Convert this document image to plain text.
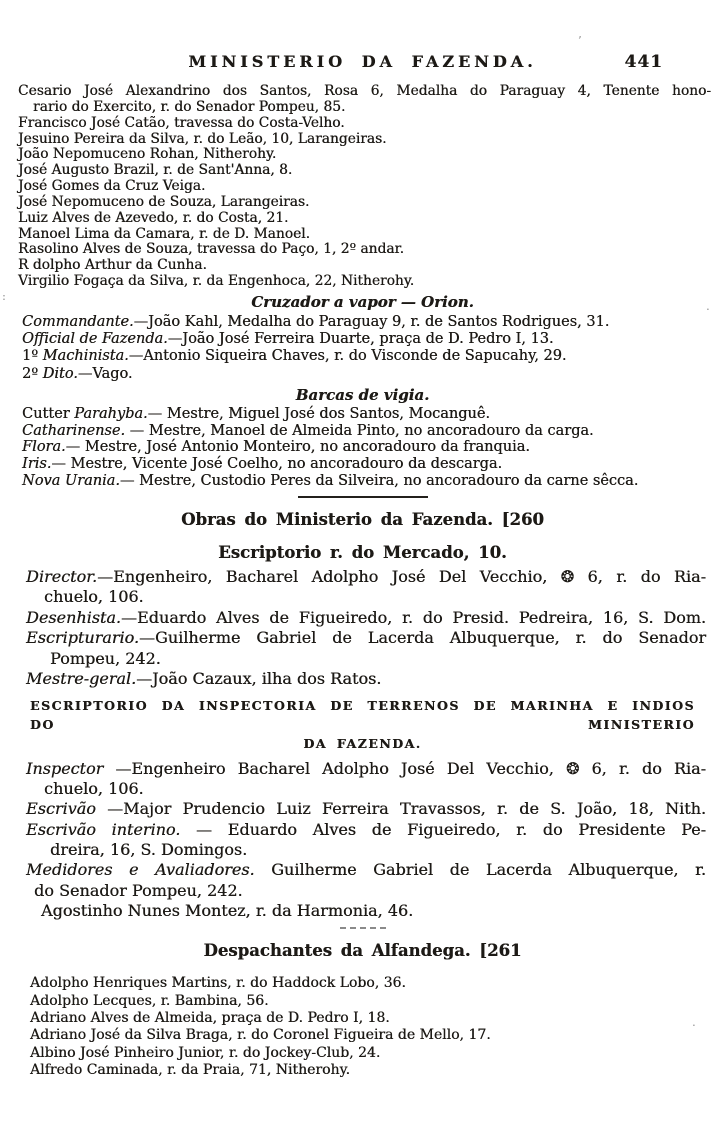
MINISTERIO DA FAZENDA.	441
Cesario José Alexandrino dos Santos, Rosa 6, Medalha do Paraguay 4, Tenente hono-
rario do Exercito, r. do Senador Pompeu, 85.
Francisco José Catão, travessa do Costa-Velho.
Jesuino Pereira da Silva, r. do Leão, 10, Larangeiras.
João Nepomuceno Rohan, Nitherohy.
José Augusto Brazil, r. de Sant'Anna, 8.
José Gomes da Cruz Veiga.
José Nepomuceno de Souza, Larangeiras.
Luiz Alves de Azevedo, r. do Costa, 21.
Manoel Lima da Camara, r. de D. Manoel.
Rasolino Alves de Souza, travessa do Paço, 1, 2º andar.
R dolpho Arthur da Cunha.
Virgilio Fogaça da Silva, r. da Engenhoca, 22, Nitherohy.
Cruzador a vapor — Orion.
Commandante.—João Kahl, Medalha do Paraguay 9, r. de Santos Rodrigues, 31.
Official de Fazenda.—João José Ferreira Duarte, praça de D. Pedro I, 13.
1º Machinista.—Antonio Siqueira Chaves, r. do Visconde de Sapucahy, 29.
2º Dito.—Vago.
Barcas de vigia.
Cutter Parahyba.— Mestre, Miguel José dos Santos, Mocanguê.
Catharinense. — Mestre, Manoel de Almeida Pinto, no ancoradouro da carga.
Flora.— Mestre, José Antonio Monteiro, no ancoradouro da franquia.
Iris.— Mestre, Vicente José Coelho, no ancoradouro da descarga.
Nova Urania.— Mestre, Custodio Peres da Silveira, no ancoradouro da carne sêcca.
Obras do Ministerio da Fazenda. [260
Escriptorio r. do Mercado, 10.
Director.—Engenheiro, Bacharel Adolpho José Del Vecchio, ❂ 6, r. do Ria-
chuelo, 106.
Desenhista.—Eduardo Alves de Figueiredo, r. do Presid. Pedreira, 16, S. Dom.
Escripturario.—Guilherme Gabriel de Lacerda Albuquerque, r. do Senador
Pompeu, 242.
Mestre-geral.—João Cazaux, ilha dos Ratos.
ESCRIPTORIO DA INSPECTORIA DE TERRENOS DE MARINHA E INDIOS DO MINISTERIO
DA FAZENDA.
Inspector —Engenheiro Bacharel Adolpho José Del Vecchio, ❂ 6, r. do Ria-
chuelo, 106.
Escrivão —Major Prudencio Luiz Ferreira Travassos, r. de S. João, 18, Nith.
Escrivão interino. — Eduardo Alves de Figueiredo, r. do Presidente Pe-
dreira, 16, S. Domingos.
Medidores e Avaliadores. Guilherme Gabriel de Lacerda Albuquerque, r.
do Senador Pompeu, 242.
Agostinho Nunes Montez, r. da Harmonia, 46.
Despachantes da Alfandega. [261
Adolpho Henriques Martins, r. do Haddock Lobo, 36.
Adolpho Lecques, r. Bambina, 56.
Adriano Alves de Almeida, praça de D. Pedro I, 18.
Adriano José da Silva Braga, r. do Coronel Figueira de Mello, 17.
Albino José Pinheiro Junior, r. do Jockey-Club, 24.
Alfredo Caminada, r. da Praia, 71, Nitherohy.
’
:
.
.
